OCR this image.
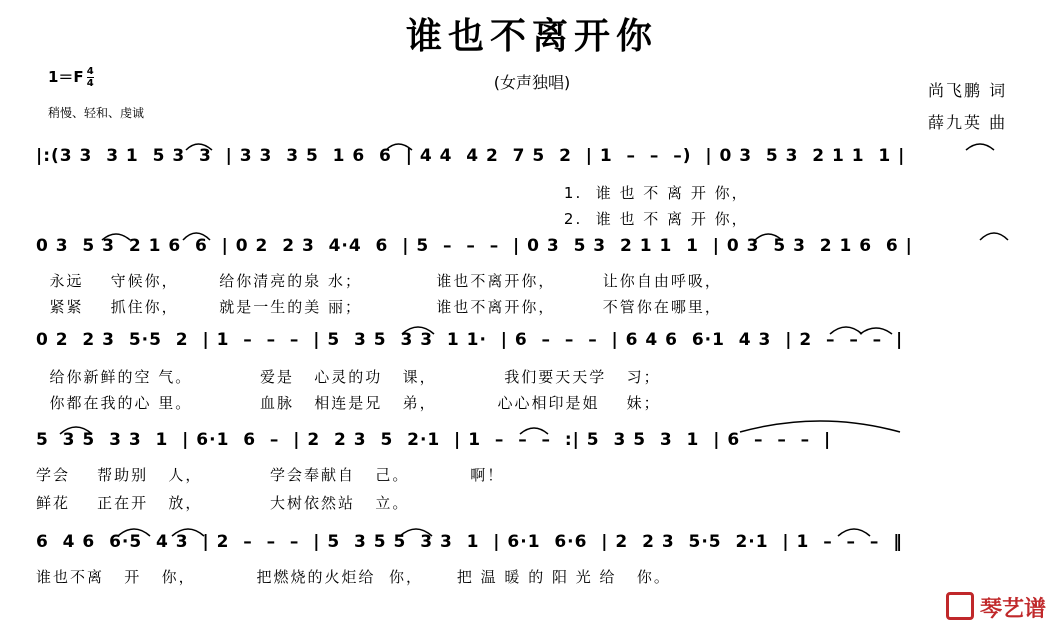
谁也不离开你
(女声独唱)
$1=F \frac{4}{4}$
稍慢、轻和、虔诚
尚飞鹏 词
薛九英 曲
|:(3 3  3 1  5 3  3  | 3 3  3 5  1 6  6  | 4 4  4 2  7 5  2  | 1  –  –  –)  | 0 3  5 3  2 1 1  1 |
1.  谁 也 不 离 开 你，
2.  谁 也 不 离 开 你，
0 3  5 3  2 1 6  6  | 0 2  2 3  4·4  6  | 5  –  –  –  | 0 3  5 3  2 1 1  1  | 0 3  5 3  2 1 6  6 |
永远    守候你，      给你清亮的泉 水；           谁也不离开你，       让你自由呼吸，
紧紧    抓住你，      就是一生的美 丽；           谁也不离开你，       不管你在哪里，
0 2  2 3  5·5  2  | 1  –  –  –  | 5  3 5  3 3  1 1·  | 6  –  –  –  | 6 4 6  6·1  4 3  | 2  –  –  –  |
给你新鲜的空 气。          爱是   心灵的功   课，          我们要天天学   习；
你都在我的心 里。          血脉   相连是兄   弟，         心心相印是姐    妹；
5  3 5  3 3  1  | 6·1  6  –  | 2  2 3  5  2·1  | 1  –  –  –  :| 5  3 5  3  1  | 6  –  –  –  |
学会    帮助别   人，          学会奉献自   己。         啊！
鲜花    正在开   放，          大树依然站   立。
6  4 6  6·5  4 3  | 2  –  –  –  | 5  3 5 5  3 3  1  | 6·1  6·6  | 2  2 3  5·5  2·1  | 1  –  –  –  ‖
谁也不离   开   你，         把燃烧的火炬给  你，     把 温 暖 的 阳 光 给   你。
琴艺谱
